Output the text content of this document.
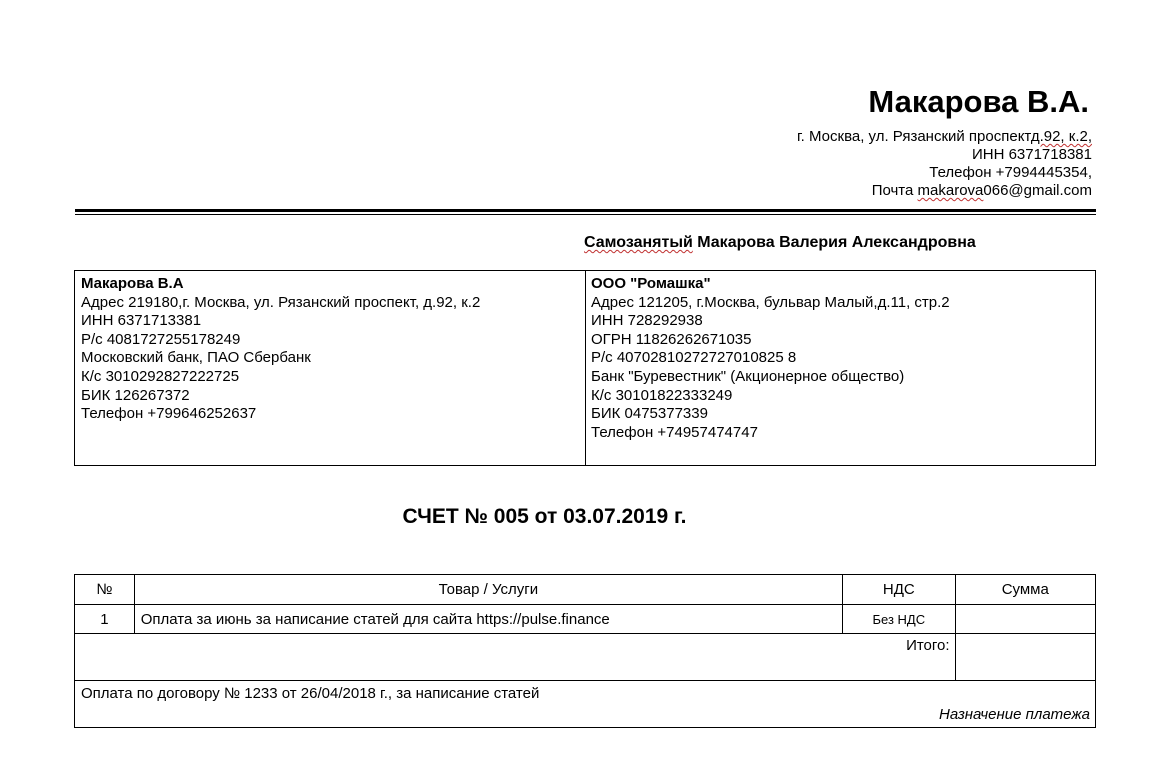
Макарова В.А.
г. Москва, ул. Рязанский проспектд.92, к.2,
ИНН 6371718381
Телефон +7994445354,
Почта makarova066@gmail.com
Самозанятый Макарова Валерия Александровна
Макарова В.А
Адрес 219180,г. Москва, ул. Рязанский проспект, д.92, к.2
ИНН 6371713381
Р/с 4081727255178249
Московский банк, ПАО Сбербанк
К/с 3010292827222725
БИК 126267372
Телефон +799646252637
ООО "Ромашка"
Адрес 121205, г.Москва, бульвар Малый,д.11, стр.2
ИНН 728292938
ОГРН 11826262671035
Р/с 40702810272727010825 8
Банк "Буревестник" (Акционерное общество)
К/с 30101822333249
БИК 0475377339
Телефон +74957474747
СЧЕТ № 005 от 03.07.2019 г.
№	Товар / Услуги	НДС	Сумма
1	Оплата за июнь за написание статей для сайта https://pulse.finance	Без НДС	
Итого:			

Оплата по договору № 1233 от 26/04/2018 г., за написание статей
Назначение платежа			
